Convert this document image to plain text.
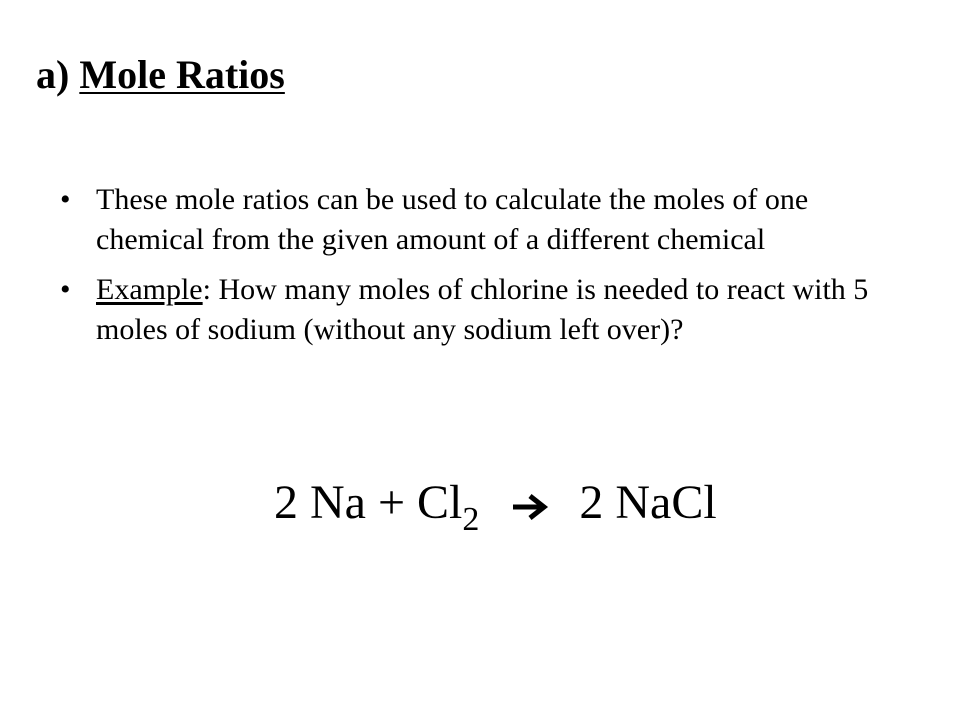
a) Mole Ratios
• These mole ratios can be used to calculate the moles of one chemical from the given amount of a different chemical
• Example: How many moles of chlorine is needed to react with 5 moles of sodium (without any sodium left over)?
2 $Na + Cl_2$ 2 NaCl
